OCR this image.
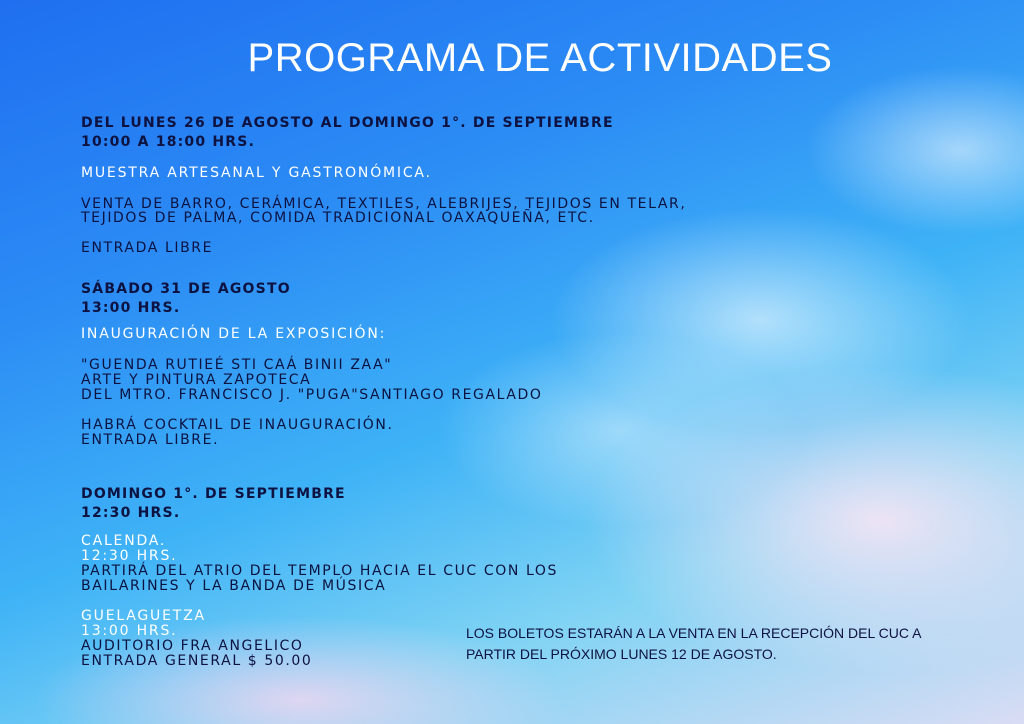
PROGRAMA DE ACTIVIDADES

DEL LUNES 26 DE AGOSTO AL DOMINGO 1°. DE SEPTIEMBRE

10:00 A 18:00 HRS.

MUESTRA ARTESANAL Y GASTRONÓMICA.

VENTA DE BARRO, CERÁMICA, TEXTILES, ALEBRIJES, TEJIDOS EN TELAR,

TEJIDOS DE PALMA, COMIDA TRADICIONAL OAXAQUEÑA, ETC.

ENTRADA LIBRE

SÁBADO 31 DE AGOSTO

13:00 HRS.

INAUGURACIÓN DE LA EXPOSICIÓN:

"GUENDA RUTIEÉ STI CAÁ BINII ZAA"

ARTE Y PINTURA ZAPOTECA

DEL MTRO. FRANCISCO J. "PUGA"SANTIAGO REGALADO

HABRÁ COCKTAIL DE INAUGURACIÓN.

ENTRADA LIBRE.

DOMINGO 1°. DE SEPTIEMBRE

12:30 HRS.

CALENDA.

12:30 HRS.

PARTIRÁ DEL ATRIO DEL TEMPLO HACIA EL CUC CON LOS

BAILARINES Y LA BANDA DE MÚSICA

GUELAGUETZA

13:00 HRS.

AUDITORIO FRA ANGELICO

ENTRADA GENERAL $ 50.00

LOS BOLETOS ESTARÁN A LA VENTA EN LA RECEPCIÓN DEL CUC A
PARTIR DEL PRÓXIMO LUNES 12 DE AGOSTO.
